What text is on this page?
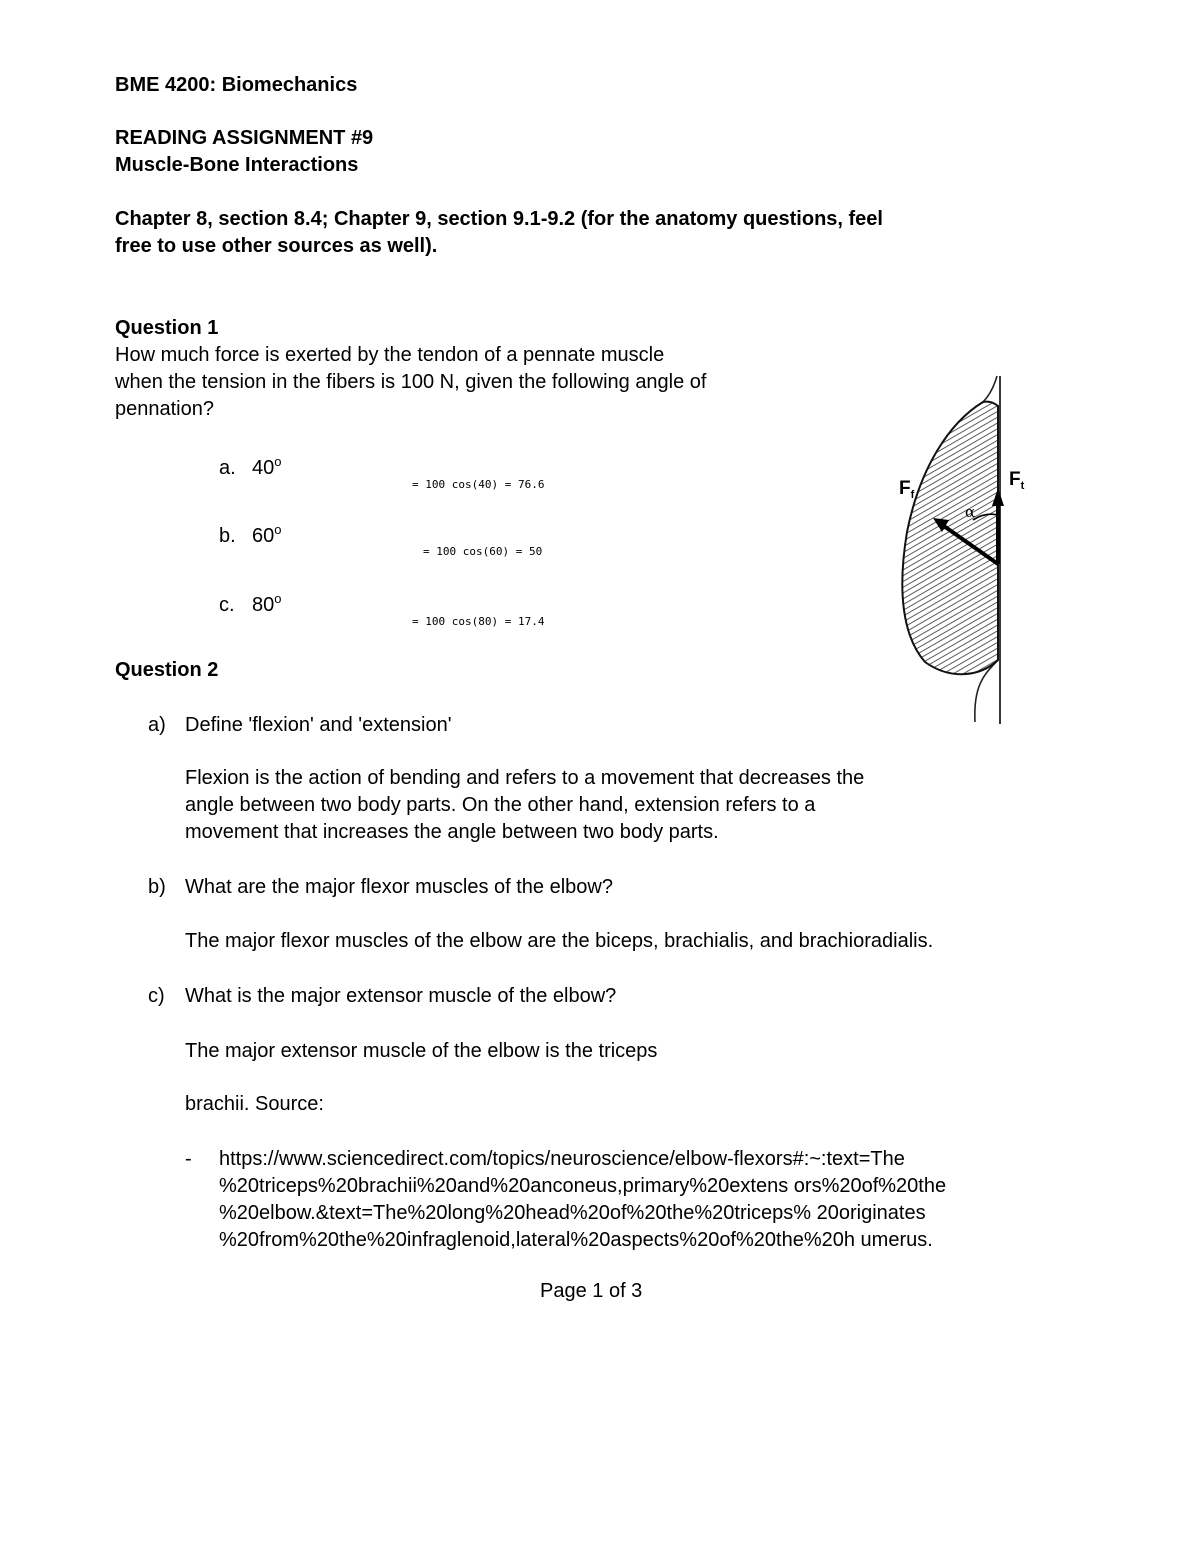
BME 4200: Biomechanics
READING ASSIGNMENT #9
Muscle-Bone Interactions
Chapter 8, section 8.4; Chapter 9, section 9.1-9.2 (for the anatomy questions, feel
free to use other sources as well).
Question 1
How much force is exerted by the tendon of a pennate muscle
when the tension in the fibers is 100 N, given the following angle of
pennation?
a. $40^o$
= 100 cos(40) = 76.6
b. $60^o$
= 100 cos(60) = 50
c. $80^o$
= 100 cos(80) = 17.4
$F_f$
$F_t$
α
Question 2
a) Define 'flexion' and 'extension'
Flexion is the action of bending and refers to a movement that decreases the
angle between two body parts. On the other hand, extension refers to a
movement that increases the angle between two body parts.
b) What are the major flexor muscles of the elbow?
The major flexor muscles of the elbow are the biceps, brachialis, and brachioradialis.
c) What is the major extensor muscle of the elbow?
The major extensor muscle of the elbow is the triceps
brachii. Source:
- https://www.sciencedirect.com/topics/neuroscience/elbow-flexors#:~:text=The
%20triceps%20brachii%20and%20anconeus,primary%20extens ors%20of%20the
%20elbow.&text=The%20long%20head%20of%20the%20triceps% 20originates
%20from%20the%20infraglenoid,lateral%20aspects%20of%20the%20h umerus.
Page 1 of 3
